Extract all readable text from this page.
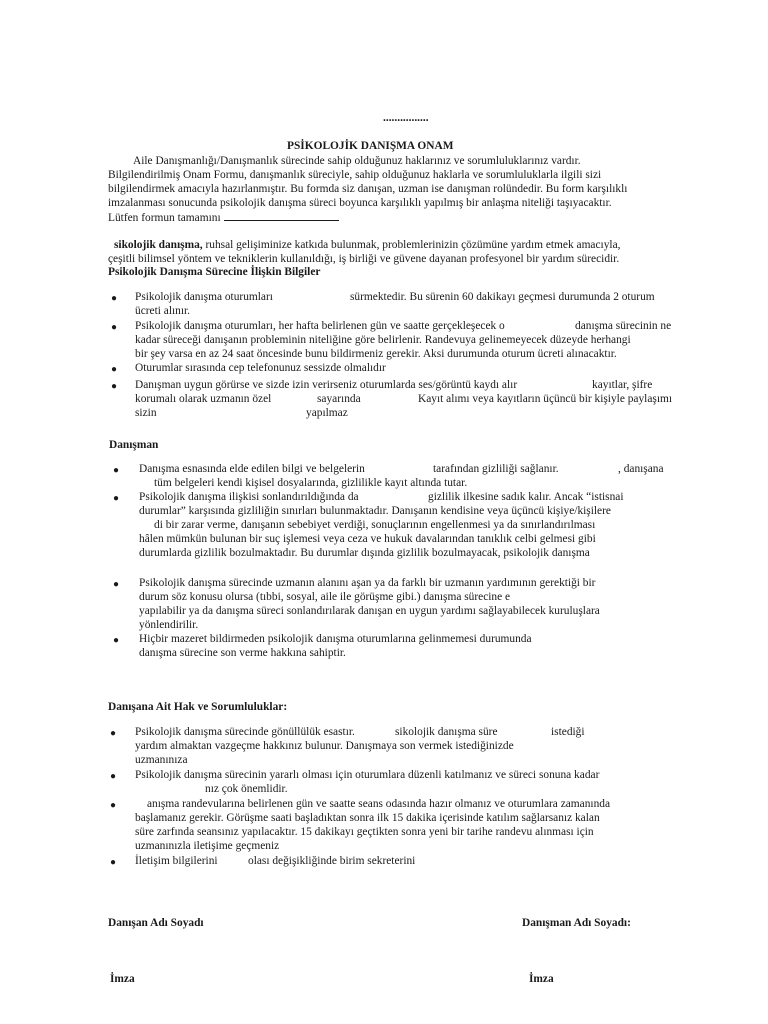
................
PSİKOLOJİK DANIŞMA ONAM
Aile Danışmanlığı/Danışmanlık sürecinde sahip olduğunuz haklarınız ve sorumluluklarınız vardır.
Bilgilendirilmiş Onam Formu, danışmanlık süreciyle, sahip olduğunuz haklarla ve sorumluluklarla ilgili sizi
bilgilendirmek amacıyla hazırlanmıştır. Bu formda siz danışan, uzman ise danışman rolündedir. Bu form karşılıklı
imzalanması sonucunda psikolojik danışma süreci boyunca karşılıklı yapılmış bir anlaşma niteliği taşıyacaktır.
Lütfen formun tamamını
sikolojik danışma, ruhsal gelişiminize katkıda bulunmak, problemlerinizin çözümüne yardım etmek amacıyla,
çeşitli bilimsel yöntem ve tekniklerin kullanıldığı, iş birliği ve güvene dayanan profesyonel bir yardım sürecidir.
Psikolojik Danışma Sürecine İlişkin Bilgiler
● Psikolojik danışma oturumları	sürmektedir. Bu sürenin 60 dakikayı geçmesi durumunda 2 oturum
ücreti alınır.
● Psikolojik danışma oturumları, her hafta belirlenen gün ve saatte gerçekleşecek o	danışma sürecinin ne
kadar süreceği danışanın probleminin niteliğine göre belirlenir. Randevuya gelinemeyecek düzeyde herhangi
bir şey varsa en az 24 saat öncesinde bunu bildirmeniz gerekir. Aksi durumunda oturum ücreti alınacaktır.
● Oturumlar sırasında cep telefonunuz sessizde olmalıdır
● Danışman uygun görürse ve sizde izin verirseniz oturumlarda ses/görüntü kaydı alır	kayıtlar, şifre
korumalı olarak uzmanın özel	sayarında	Kayıt alımı veya kayıtların üçüncü bir kişiyle paylaşımı
sizin	yapılmaz
Danışman
● Danışma esnasında elde edilen bilgi ve belgelerin	tarafından gizliliği sağlanır.	, danışana
tüm belgeleri kendi kişisel dosyalarında, gizlilikle kayıt altında tutar.
● Psikolojik danışma ilişkisi sonlandırıldığında da	gizlilik ilkesine sadık kalır. Ancak “istisnai
durumlar” karşısında gizliliğin sınırları bulunmaktadır. Danışanın kendisine veya üçüncü kişiye/kişilere
di bir zarar verme, danışanın sebebiyet verdiği, sonuçlarının engellenmesi ya da sınırlandırılması
hâlen mümkün bulunan bir suç işlemesi veya ceza ve hukuk davalarından tanıklık celbi gelmesi gibi
durumlarda gizlilik bozulmaktadır. Bu durumlar dışında gizlilik bozulmayacak, psikolojik danışma
● Psikolojik danışma sürecinde uzmanın alanını aşan ya da farklı bir uzmanın yardımının gerektiği bir
durum söz konusu olursa (tıbbi, sosyal, aile ile görüşme gibi.) danışma sürecine e
yapılabilir ya da danışma süreci sonlandırılarak danışan en uygun yardımı sağlayabilecek kuruluşlara
yönlendirilir.
● Hiçbir mazeret bildirmeden psikolojik danışma oturumlarına gelinmemesi durumunda
danışma sürecine son verme hakkına sahiptir.
Danışana Ait Hak ve Sorumluluklar:
● Psikolojik danışma sürecinde gönüllülük esastır.	sikolojik danışma süre	istediği
yardım almaktan vazgeçme hakkınız bulunur. Danışmaya son vermek istediğinizde
uzmanınıza
● Psikolojik danışma sürecinin yararlı olması için oturumlara düzenli katılmanız ve süreci sonuna kadar
nız çok önemlidir.
●	anışma randevularına belirlenen gün ve saatte seans odasında hazır olmanız ve oturumlara zamanında
başlamanız gerekir. Görüşme saati başladıktan sonra ilk 15 dakika içerisinde katılım sağlarsanız kalan
süre zarfında seansınız yapılacaktır. 15 dakikayı geçtikten sonra yeni bir tarihe randevu alınması için
uzmanınızla iletişime geçmeniz
● İletişim bilgilerini	olası değişikliğinde birim sekreterini
Danışan Adı Soyadı	Danışman Adı Soyadı:
İmza	İmza
